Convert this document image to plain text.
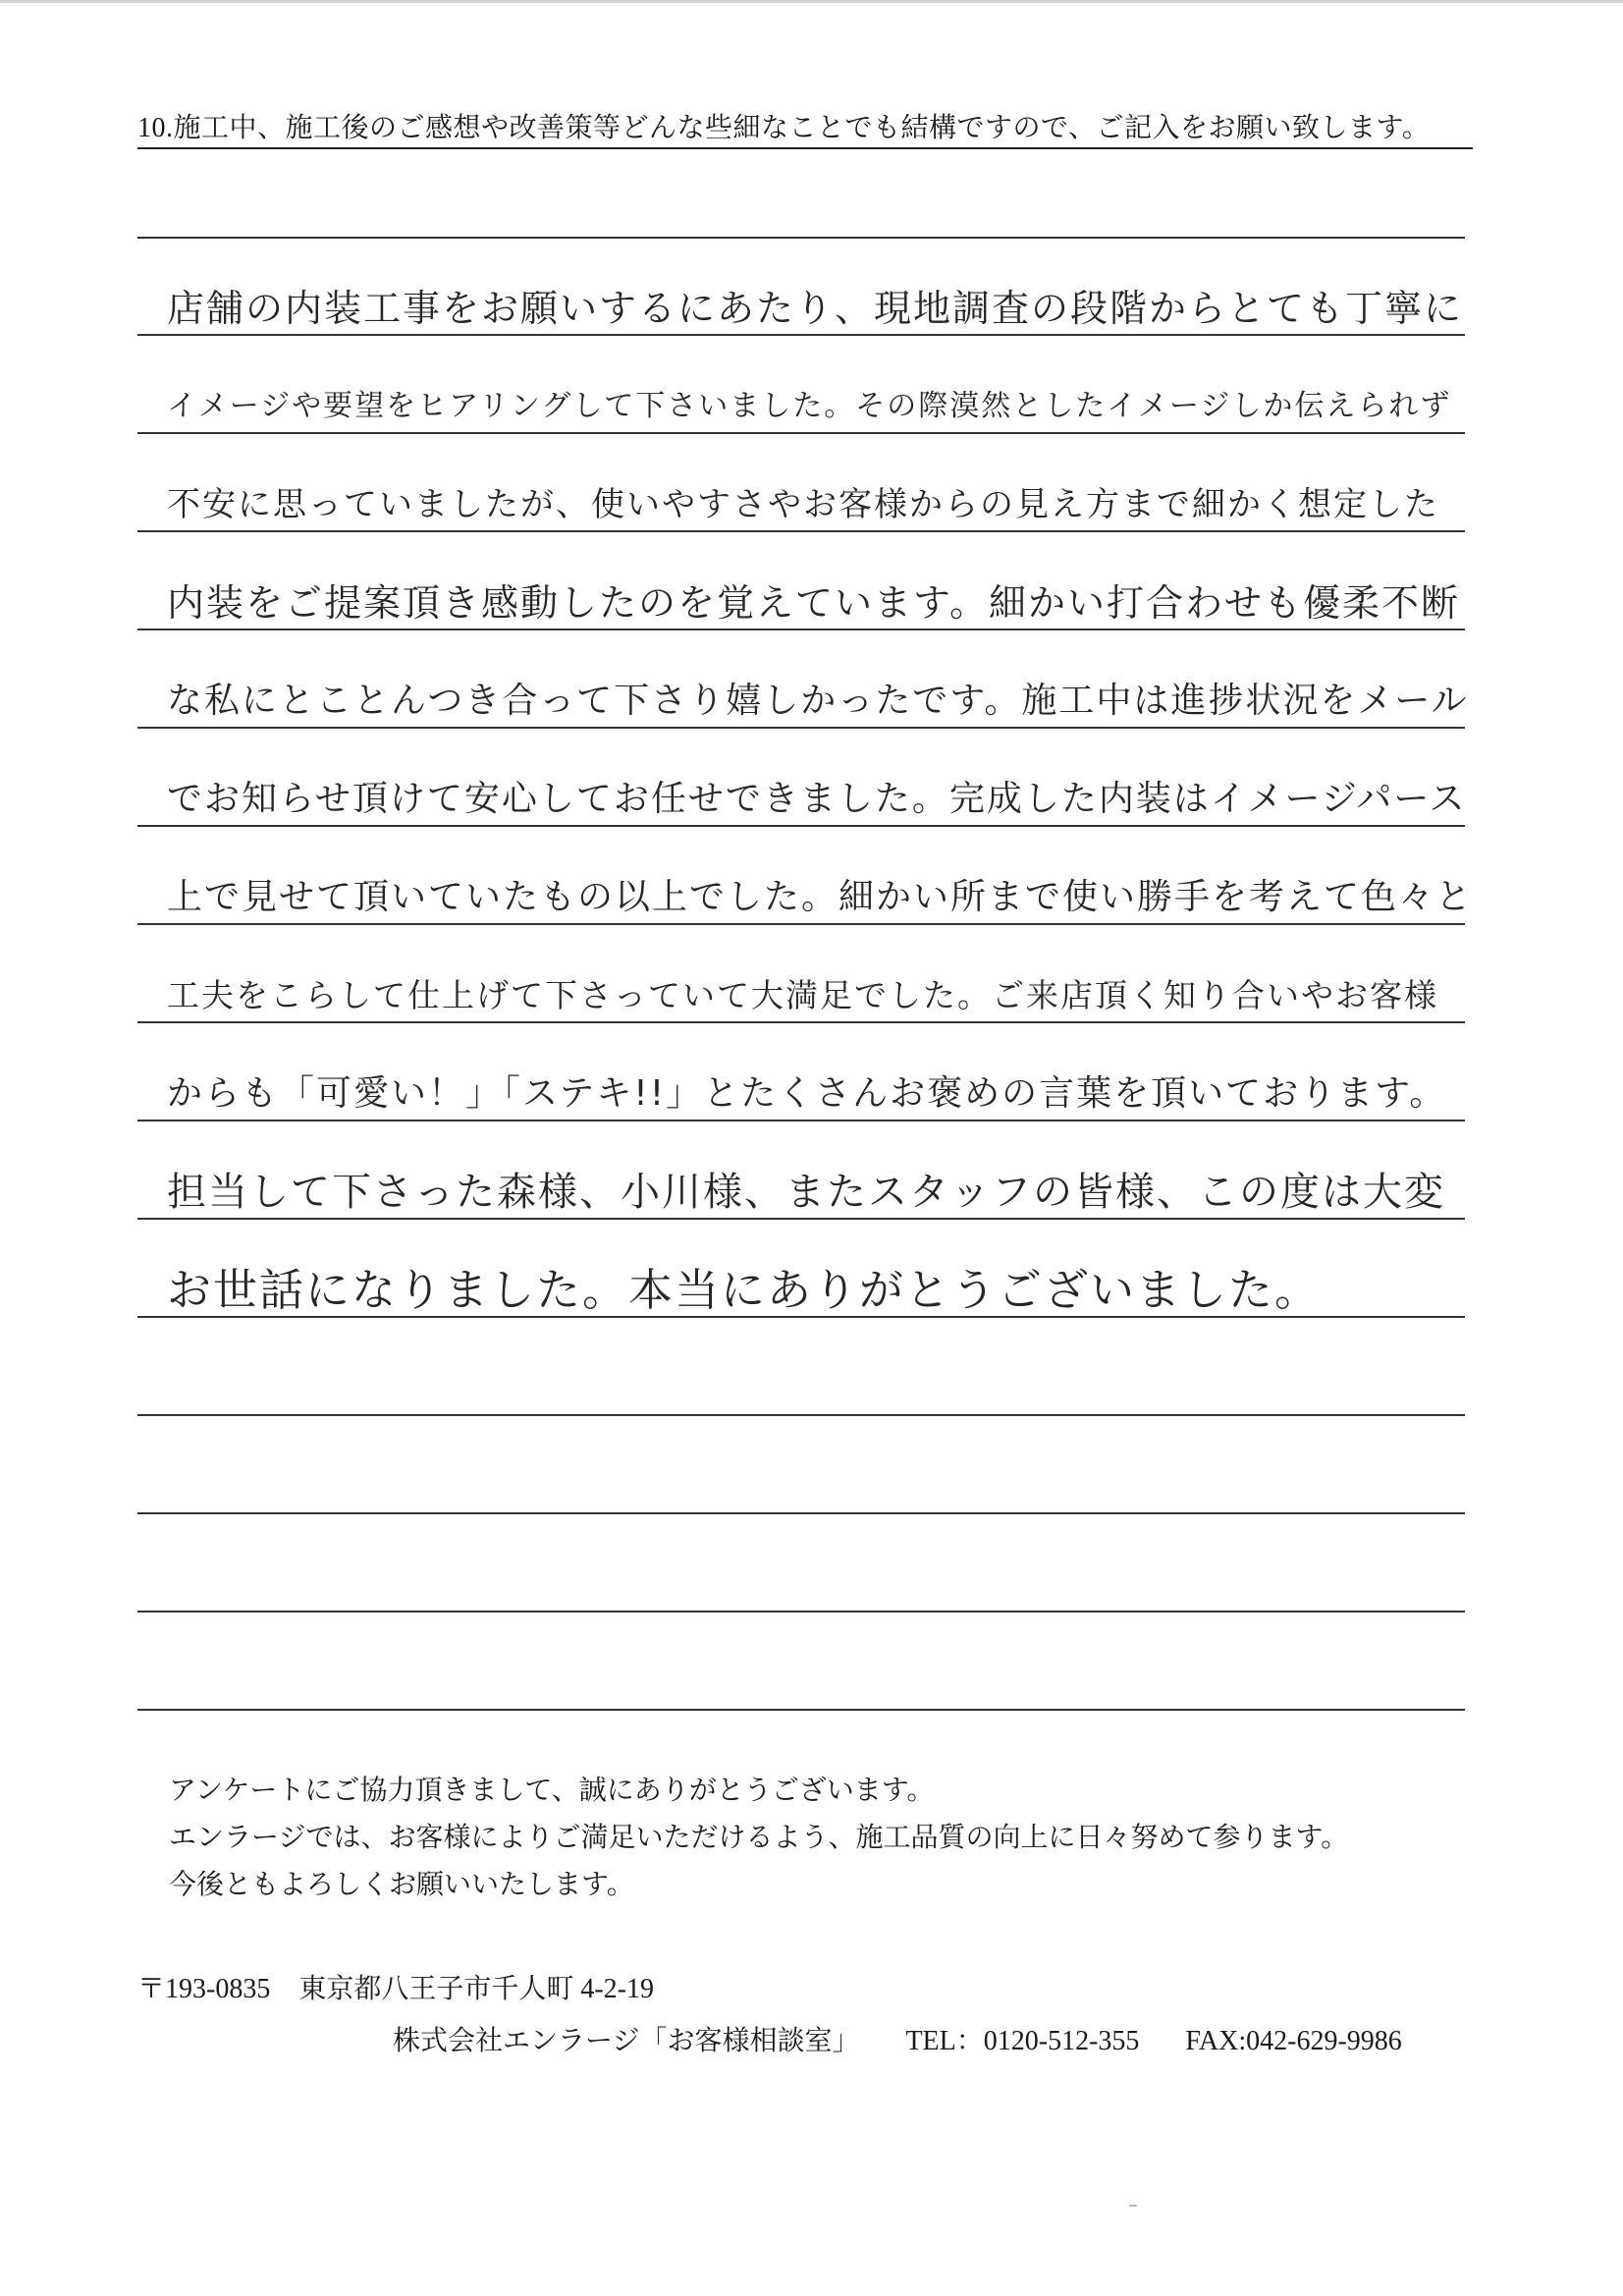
10.施工中、施工後のご感想や改善策等どんな些細なことでも結構ですので、ご記入をお願い致します。
店舗の内装工事をお願いするにあたり、現地調査の段階からとても丁寧に
イメージや要望をヒアリングして下さいました。その際漠然としたイメージしか伝えられず
不安に思っていましたが、使いやすさやお客様からの見え方まで細かく想定した
内装をご提案頂き感動したのを覚えています。細かい打合わせも優柔不断
な私にとことんつき合って下さり嬉しかったです。施工中は進捗状況をメール
でお知らせ頂けて安心してお任せできました。完成した内装はイメージパース
上で見せて頂いていたもの以上でした。細かい所まで使い勝手を考えて色々と
工夫をこらして仕上げて下さっていて大満足でした。ご来店頂く知り合いやお客様
からも「可愛い！」「ステキ!!」とたくさんお褒めの言葉を頂いております。
担当して下さった森様、小川様、またスタッフの皆様、この度は大変
お世話になりました。本当にありがとうございました。
アンケートにご協力頂きまして、誠にありがとうございます。
エンラージでは、お客様によりご満足いただけるよう、施工品質の向上に日々努めて参ります。
今後ともよろしくお願いいたします。
〒193-0835 東京都八王子市千人町 4-2-19
株式会社エンラージ「お客様相談室」 TEL：0120-512-355 FAX:042-629-9986
